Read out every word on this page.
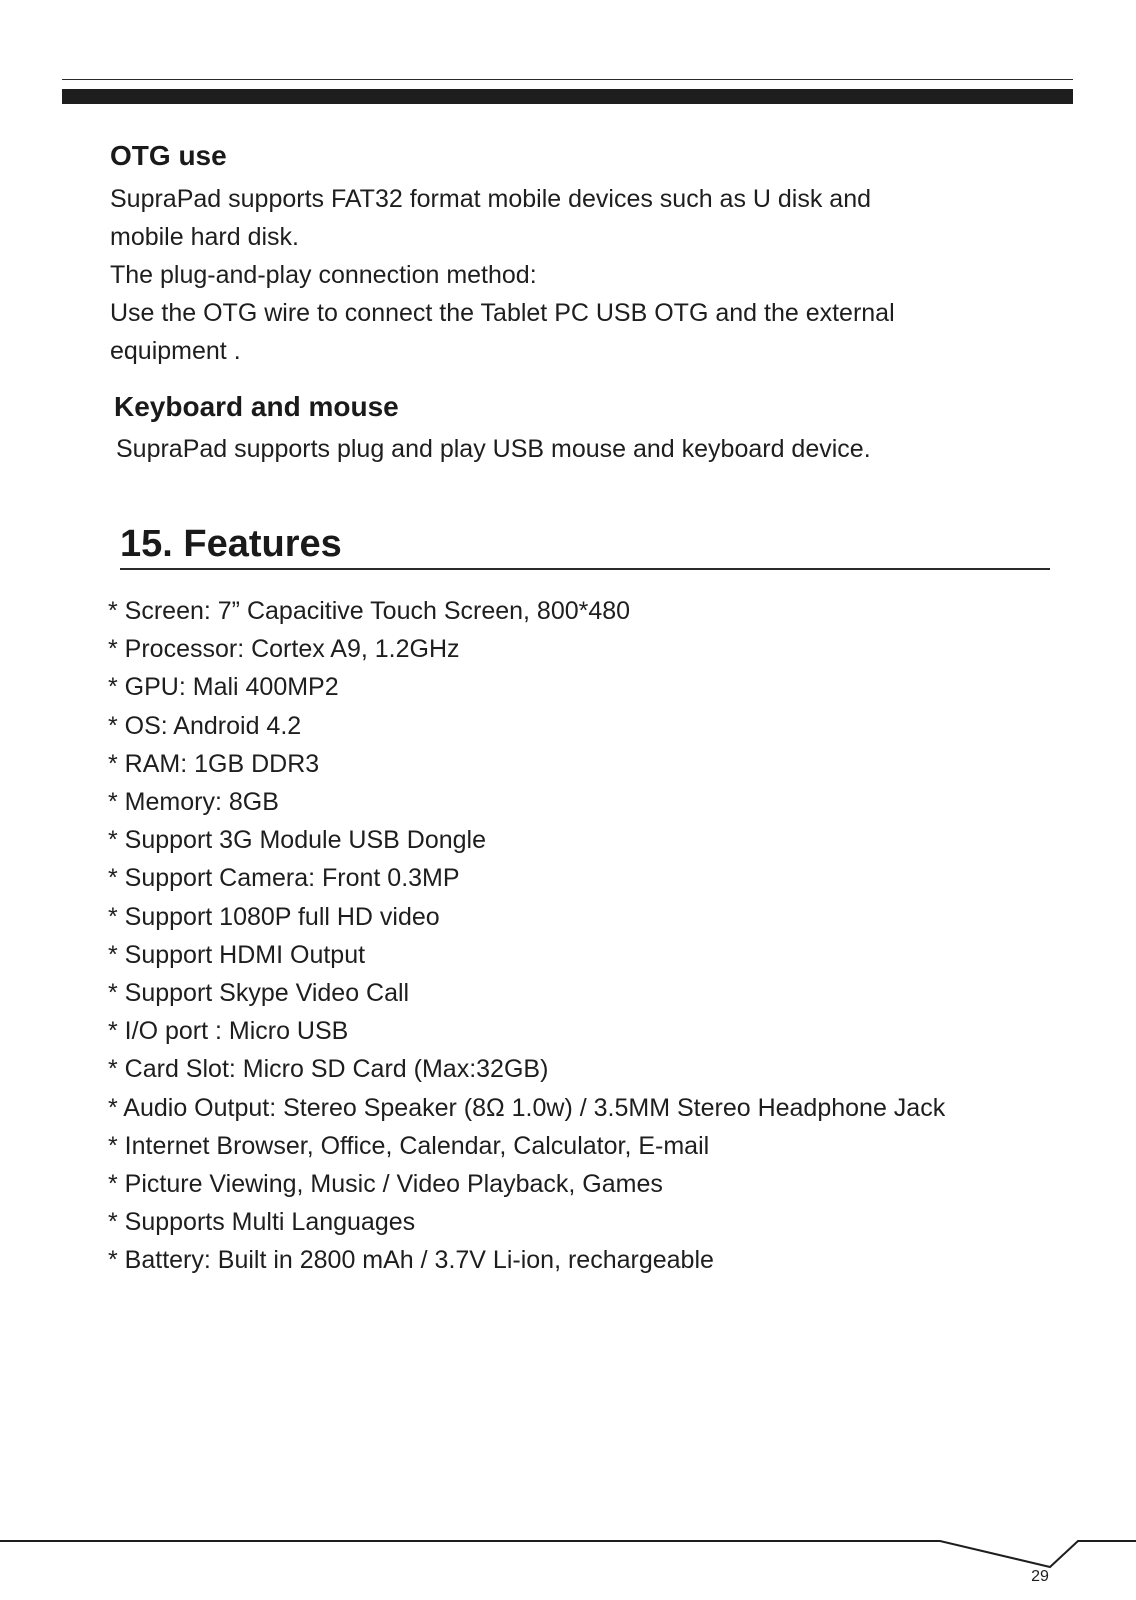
OTG use
SupraPad supports FAT32 format mobile devices such as U disk and
mobile hard disk.
The plug-and-play connection method:
Use the OTG wire to connect the Tablet PC USB OTG and the external
equipment .
Keyboard and mouse
SupraPad supports plug and play USB mouse and keyboard device.
15. Features
* Screen: 7” Capacitive Touch Screen, 800*480
* Processor: Cortex A9, 1.2GHz
* GPU: Mali 400MP2
* OS: Android 4.2
* RAM: 1GB DDR3
* Memory: 8GB
* Support 3G Module USB Dongle
* Support Camera: Front 0.3MP
* Support 1080P full HD video
* Support HDMI Output
* Support Skype Video Call
* I/O port : Micro USB
* Card Slot: Micro SD Card (Max:32GB)
* Audio Output: Stereo Speaker (8Ω 1.0w) / 3.5MM Stereo Headphone Jack
* Internet Browser, Office, Calendar, Calculator, E-mail
* Picture Viewing, Music / Video Playback, Games
* Supports Multi Languages
* Battery: Built in 2800 mAh / 3.7V Li-ion, rechargeable
29
